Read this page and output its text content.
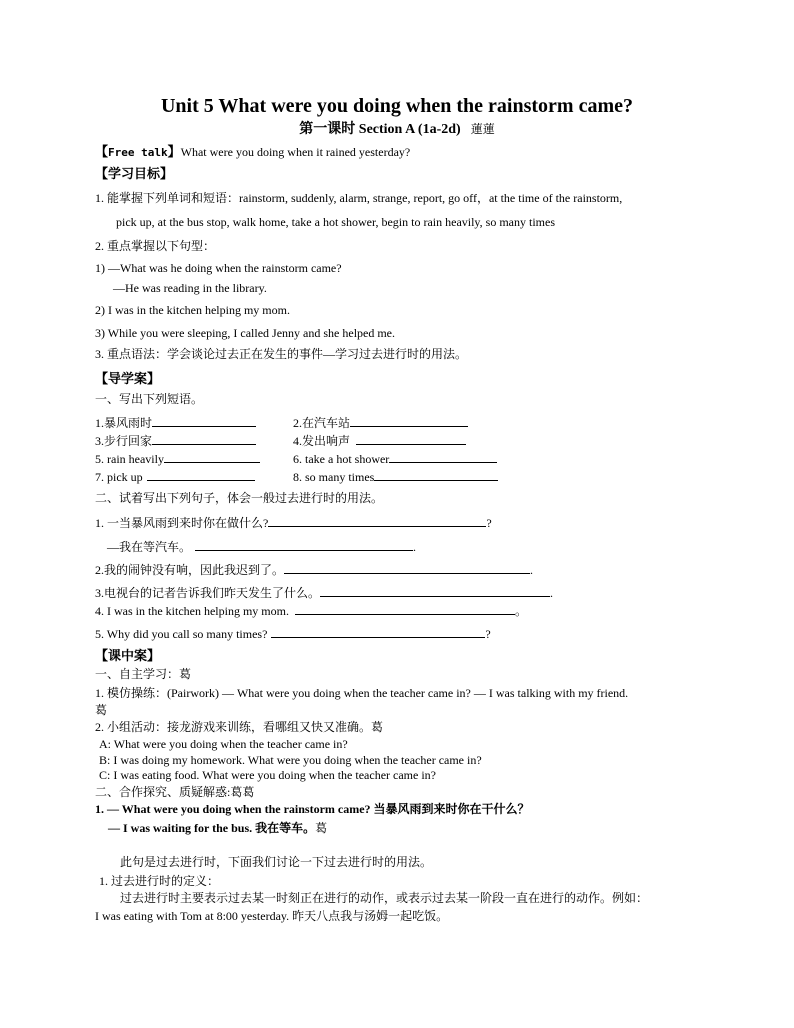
Unit 5 What were you doing when the rainstorm came?
第一课时 Section A (1a-2d) 蓮蓮
【Free talk】What were you doing when it rained yesterday?
【学习目标】
1. 能掌握下列单词和短语：rainstorm, suddenly, alarm, strange, report, go off，at the time of the rainstorm,
pick up, at the bus stop, walk home, take a hot shower, begin to rain heavily, so many times
2. 重点掌握以下句型：
1) —What was he doing when the rainstorm came?
—He was reading in the library.
2) I was in the kitchen helping my mom.
3) While you were sleeping, I called Jenny and she helped me.
3. 重点语法：学会谈论过去正在发生的事件—学习过去进行时的用法。
【导学案】
一、写出下列短语。
1.暴风雨时	2.在汽车站
3.步行回家	4.发出响声
5. rain heavily	6. take a hot shower
7. pick up	8. so many times
二、试着写出下列句子，体会一般过去进行时的用法。
1. 一当暴风雨到来时你在做什么?	?
—我在等汽车。	.
2.我的闹钟没有响，因此我迟到了。	.
3.电视台的记者告诉我们昨天发生了什么。	.
4. I was in the kitchen helping my mom.	。
5. Why did you call so many times?	?
【课中案】
一、自主学习：葛
1. 模仿操练：(Pairwork) — What were you doing when the teacher came in? — I was talking with my friend.
葛
2. 小组活动：接龙游戏来训练，看哪组又快又准确。葛
A: What were you doing when the teacher came in?
B: I was doing my homework. What were you doing when the teacher came in?
C: I was eating food. What were you doing when the teacher came in?
二、合作探究、质疑解惑:葛葛
1. — What were you doing when the rainstorm came? 当暴风雨到来时你在干什么？
— I was waiting for the bus. 我在等车。葛
此句是过去进行时，下面我们讨论一下过去进行时的用法。
1. 过去进行时的定义：
过去进行时主要表示过去某一时刻正在进行的动作，或表示过去某一阶段一直在进行的动作。例如：
I was eating with Tom at 8:00 yesterday. 昨天八点我与汤姆一起吃饭。
